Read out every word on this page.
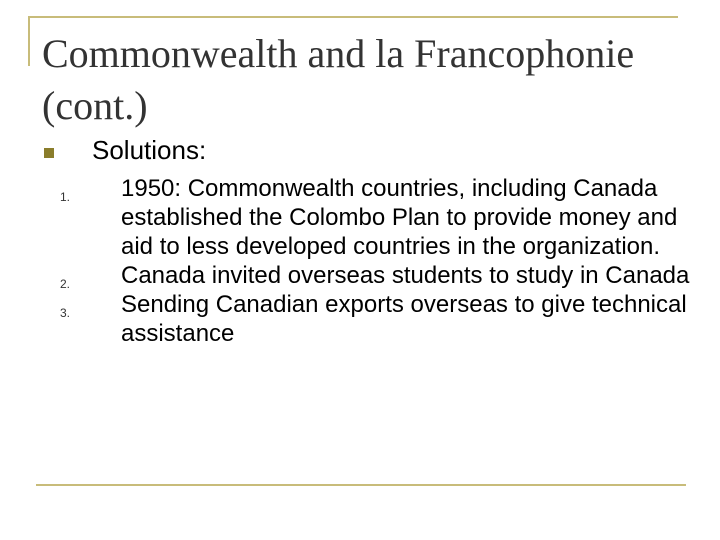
Commonwealth and la Francophonie (cont.)
Solutions:
1. 1950: Commonwealth countries, including Canada established the Colombo Plan to provide money and aid to less developed countries in the organization.
2. Canada invited overseas students to study in Canada
3. Sending Canadian exports overseas to give technical assistance
